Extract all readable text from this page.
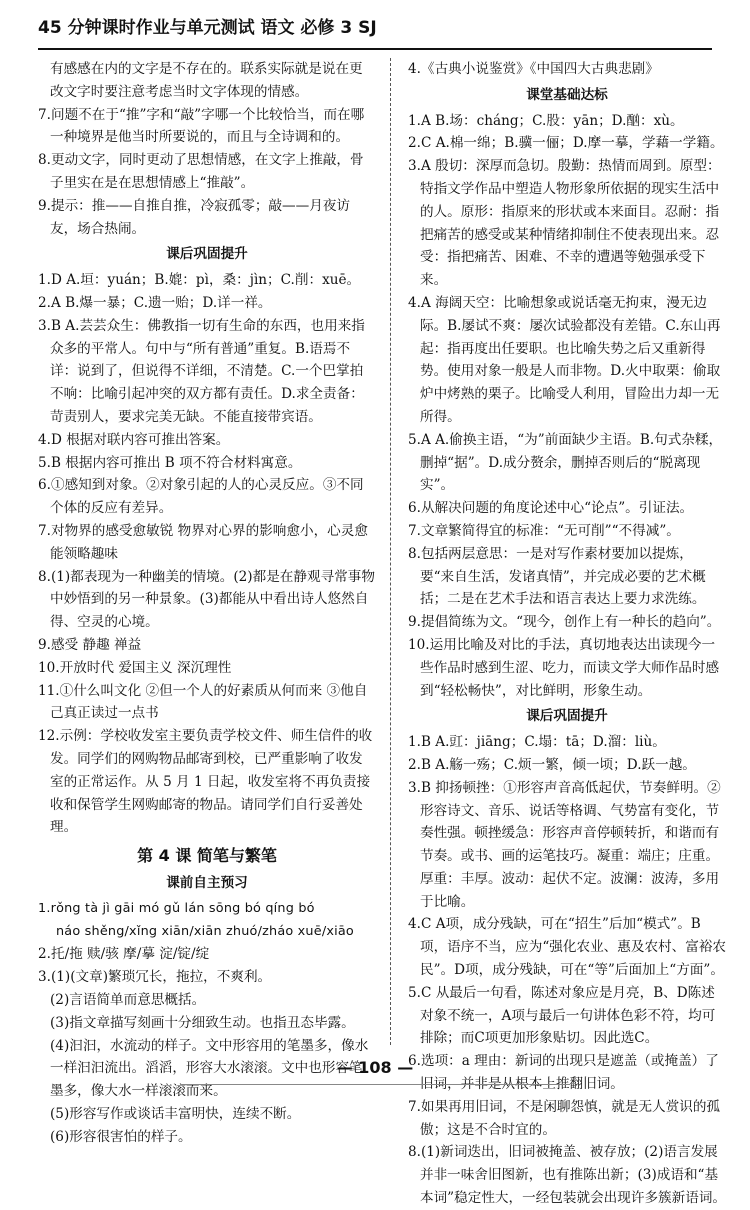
45 分钟课时作业与单元测试 语文 必修 3 SJ
有感感在内的文字是不存在的。联系实际就是说在更改文字时要注意考虑当时文字体现的情感。
7.问题不在于“推”字和“敲”字哪一个比较恰当，而在哪一种境界是他当时所要说的，而且与全诗调和的。
8.更动文字，同时更动了思想情感，在文字上推敲，骨子里实在是在思想情感上“推敲”。
9.提示：推——自推自推，冷寂孤零；敲——月夜访友，场合热闹。
课后巩固提升
1.D A.垣：yuán；B.媲：pì，桑：jìn；C.削：xuē。
2.A B.爆一暴；C.遗一贻；D.详一祥。
3.B A.芸芸众生：佛教指一切有生命的东西，也用来指众多的平常人。句中与“所有普通”重复。B.语焉不详：说到了，但说得不详细，不清楚。C.一个巴掌拍不响：比喻引起冲突的双方都有责任。D.求全责备：苛责别人，要求完美无缺。不能直接带宾语。
4.D 根据对联内容可推出答案。
5.B 根据内容可推出 B 项不符合材料寓意。
6.①感知到对象。②对象引起的人的心灵反应。③不同个体的反应有差异。
7.对物界的感受愈敏锐 物界对心界的影响愈小，心灵愈能领略趣味
8.(1)都表现为一种幽美的情境。(2)都是在静观寻常事物中妙悟到的另一种景象。(3)都能从中看出诗人悠然自得、空灵的心境。
9.感受 静趣 禅益
10.开放时代 爱国主义 深沉理性
11.①什么叫文化 ②但一个人的好素质从何而来 ③他自己真正读过一点书
12.示例：学校收发室主要负责学校文件、师生信件的收发。同学们的网购物品邮寄到校，已严重影响了收发室的正常运作。从 5 月 1 日起，收发室将不再负责接收和保管学生网购邮寄的物品。请同学们自行妥善处理。
第 4 课 简笔与繁笔
课前自主预习
1.rǒng tà jì gāi mó gǔ lán sōng bó qíng bó
náo shěng/xǐng xiān/xiān zhuó/zháo xuē/xiāo
2.托/拖 赎/骇 摩/摹 淀/锭/绽
3.(1)(文章)繁琐冗长，拖拉，不爽利。
(2)言语简单而意思概括。
(3)指文章描写刻画十分细致生动。也指丑态毕露。
(4)汩汩，水流动的样子。文中形容用的笔墨多，像水一样汩汩流出。滔滔，形容大水滚滚。文中也形容笔墨多，像大水一样滚滚而来。
(5)形容写作或谈话丰富明快，连续不断。
(6)形容很害怕的样子。
4.《古典小说鉴赏》《中国四大古典悲剧》
课堂基础达标
1.A B.场：cháng；C.股：yān；D.酗：xù。
2.C A.棉一绵；B.骥一俪；D.摩一摹，学藉一学籍。
3.A 殷切：深厚而急切。殷勤：热情而周到。原型：特指文学作品中塑造人物形象所依据的现实生活中的人。原形：指原来的形状或本来面目。忍耐：指把痛苦的感受或某种情绪抑制住不使表现出来。忍受：指把痛苦、困难、不幸的遭遇等勉强承受下来。
4.A 海阔天空：比喻想象或说话毫无拘束，漫无边际。B.屡试不爽：屡次试验都没有差错。C.东山再起：指再度出任要职。也比喻失势之后又重新得势。使用对象一般是人而非物。D.火中取栗：偷取炉中烤熟的栗子。比喻受人利用，冒险出力却一无所得。
5.A A.偷换主语，“为”前面缺少主语。B.句式杂糅，删掉“据”。D.成分赘余，删掉否则后的“脱离现实”。
6.从解决问题的角度论述中心“论点”。引证法。
7.文章繁简得宜的标准：“无可削”“不得减”。
8.包括两层意思：一是对写作素材要加以提炼，要“来自生活，发诸真情”，并完成必要的艺术概括；二是在艺术手法和语言表达上要力求洗练。
9.提倡简练为文。“现今，创作上有一种长的趋向”。
10.运用比喻及对比的手法，真切地表达出读现今一些作品时感到生涩、吃力，而读文学大师作品时感到“轻松畅快”，对比鲜明，形象生动。
课后巩固提升
1.B A.豇：jiāng；C.塌：tā；D.溜：liù。
2.B A.觞一殇；C.烦一繁，倾一顷；D.跃一越。
3.B 抑扬顿挫：①形容声音高低起伏，节奏鲜明。②形容诗文、音乐、说话等格调、气势富有变化，节奏性强。顿挫缓急：形容声音停顿转折，和谐而有节奏。或书、画的运笔技巧。凝重：端庄；庄重。厚重：丰厚。波动：起伏不定。波澜：波涛，多用于比喻。
4.C A项，成分残缺，可在“招生”后加“模式”。B项，语序不当，应为“强化农业、惠及农村、富裕农民”。D项，成分残缺，可在“等”后面加上“方面”。
5.C 从最后一句看，陈述对象应是月亮，B、D陈述对象不统一，A项与最后一句讲体色彩不符，均可排除；而C项更加形象贴切。因此选C。
6.选项：a 理由：新词的出现只是遮盖（或掩盖）了旧词，并非是从根本上推翻旧词。
7.如果再用旧词，不是闲聊怨慎，就是无人赏识的孤傲；这是不合时宜的。
8.(1)新词迭出，旧词被掩盖、被存放；(2)语言发展并非一味舍旧图新，也有推陈出新；(3)成语和“基本词”稳定性大，一经包装就会出现许多簇新语词。
— 108 —
